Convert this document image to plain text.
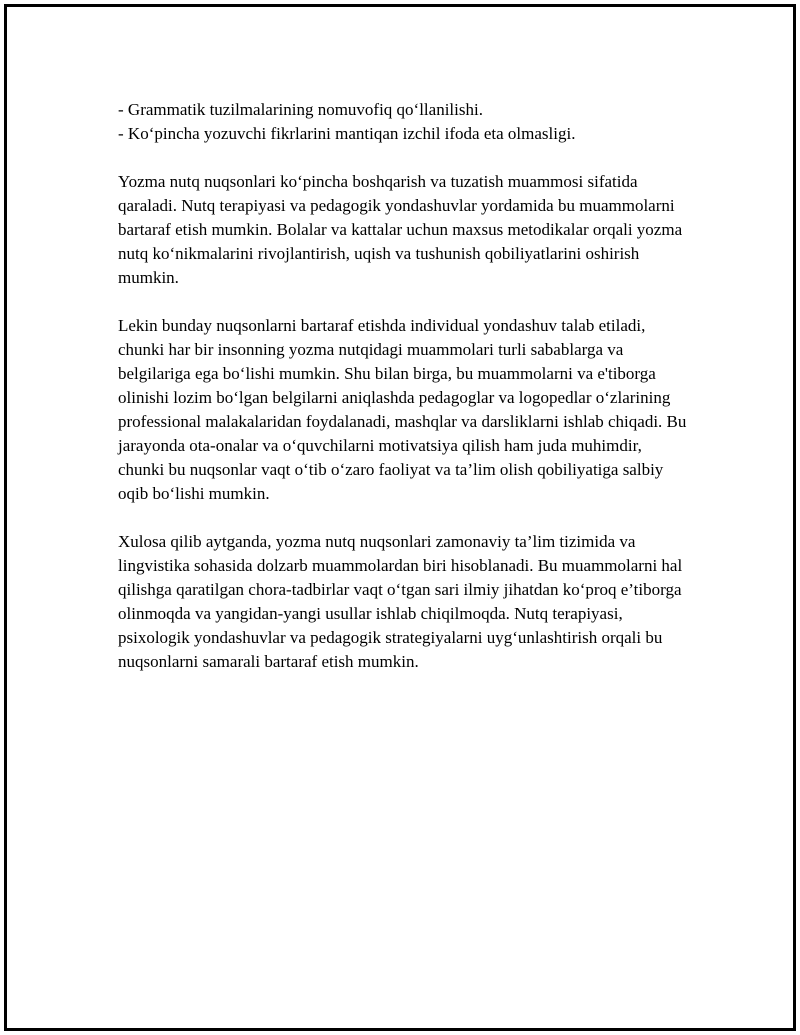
- Grammatik tuzilmalarining nomuvofiq qo‘llanilishi.
- Ko‘pincha yozuvchi fikrlarini mantiqan izchil ifoda eta olmasligi.

Yozma nutq nuqsonlari ko‘pincha boshqarish va tuzatish muammosi sifatida qaraladi. Nutq terapiyasi va pedagogik yondashuvlar yordamida bu muammolarni bartaraf etish mumkin. Bolalar va kattalar uchun maxsus metodikalar orqali yozma nutq ko‘nikmalarini rivojlantirish, uqish va tushunish qobiliyatlarini oshirish mumkin.

Lekin bunday nuqsonlarni bartaraf etishda individual yondashuv talab etiladi, chunki har bir insonning yozma nutqidagi muammolari turli sabablarga va belgilariga ega bo‘lishi mumkin. Shu bilan birga, bu muammolarni va e'tiborga olinishi lozim bo‘lgan belgilarni aniqlashda pedagoglar va logopedlar o‘zlarining professional malakalaridan foydalanadi, mashqlar va darsliklarni ishlab chiqadi. Bu jarayonda ota-onalar va o‘quvchilarni motivatsiya qilish ham juda muhimdir, chunki bu nuqsonlar vaqt o‘tib o‘zaro faoliyat va ta’lim olish qobiliyatiga salbiy oqib bo‘lishi mumkin.

Xulosa qilib aytganda, yozma nutq nuqsonlari zamonaviy ta’lim tizimida va lingvistika sohasida dolzarb muammolardan biri hisoblanadi. Bu muammolarni hal qilishga qaratilgan chora-tadbirlar vaqt o‘tgan sari ilmiy jihatdan ko‘proq e’tiborga olinmoqda va yangidan-yangi usullar ishlab chiqilmoqda. Nutq terapiyasi, psixologik yondashuvlar va pedagogik strategiyalarni uyg‘unlashtirish orqali bu nuqsonlarni samarali bartaraf etish mumkin.
